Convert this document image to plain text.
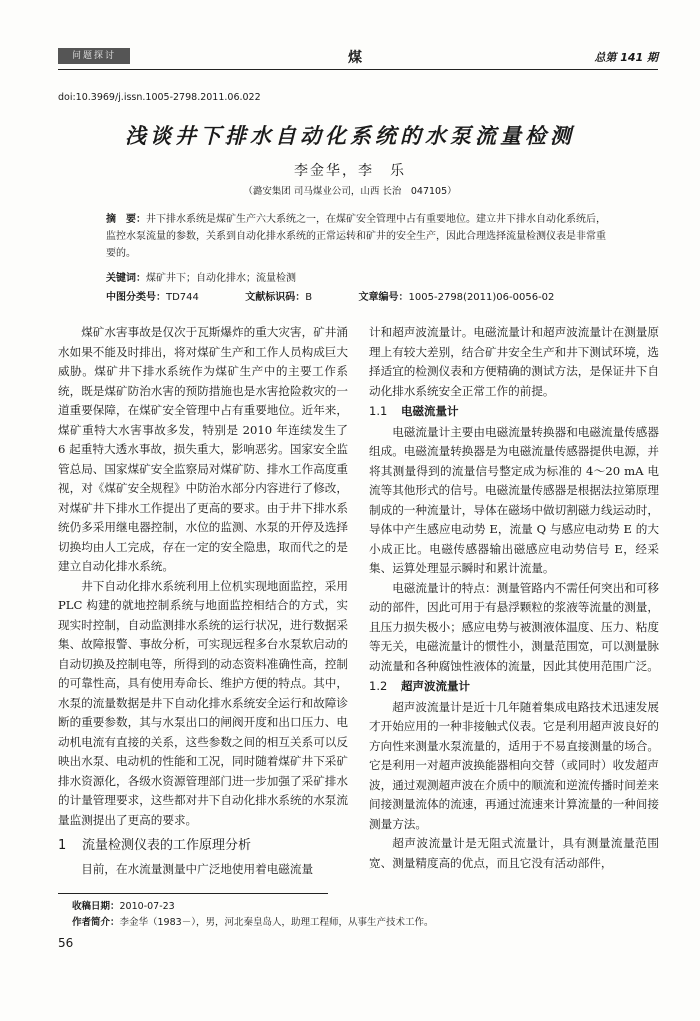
问题探讨	煤	总第 141 期
doi:10.3969/j.issn.1005-2798.2011.06.022
浅谈井下排水自动化系统的水泵流量检测
李金华，李　乐
（潞安集团 司马煤业公司，山西 长治　047105）
摘　要：井下排水系统是煤矿生产六大系统之一，在煤矿安全管理中占有重要地位。建立井下排水自动化系统后，监控水泵流量的参数，关系到自动化排水系统的正常运转和矿井的安全生产，因此合理选择流量检测仪表是非常重要的。
关键词：煤矿井下；自动化排水；流量检测
中图分类号：TD744	文献标识码：B	文章编号：1005-2798(2011)06-0056-02

煤矿水害事故是仅次于瓦斯爆炸的重大灾害，矿井涌水如果不能及时排出，将对煤矿生产和工作人员构成巨大威胁。煤矿井下排水系统作为煤矿生产中的主要工作系统，既是煤矿防治水害的预防措施也是水害抢险救灾的一道重要保障，在煤矿安全管理中占有重要地位。近年来，煤矿重特大水害事故多发，特别是 2010 年连续发生了 6 起重特大透水事故，损失重大，影响恶劣。国家安全监管总局、国家煤矿安全监察局对煤矿防、排水工作高度重视，对《煤矿安全规程》中防治水部分内容进行了修改，对煤矿井下排水工作提出了更高的要求。由于井下排水系统仍多采用继电器控制，水位的监测、水泵的开停及选择切换均由人工完成，存在一定的安全隐患，取而代之的是建立自动化排水系统。

井下自动化排水系统利用上位机实现地面监控，采用 PLC 构建的就地控制系统与地面监控相结合的方式，实现实时控制，自动监测排水系统的运行状况，进行数据采集、故障报警、事故分析，可实现远程多台水泵软启动的自动切换及控制电等，所得到的动态资料准确性高，控制的可靠性高，具有使用寿命长、维护方便的特点。其中，水泵的流量数据是井下自动化排水系统安全运行和故障诊断的重要参数，其与水泵出口的闸阀开度和出口压力、电动机电流有直接的关系，这些参数之间的相互关系可以反映出水泵、电动机的性能和工况，同时随着煤矿井下采矿排水资源化，各级水资源管理部门进一步加强了采矿排水的计量管理要求，这些都对井下自动化排水系统的水泵流量监测提出了更高的要求。

1 流量检测仪表的工作原理分析

目前，在水流量测量中广泛地使用着电磁流量

计和超声波流量计。电磁流量计和超声波流量计在测量原理上有较大差别，结合矿井安全生产和井下测试环境，选择适宜的检测仪表和方便精确的测试方法，是保证井下自动化排水系统安全正常工作的前提。

1.1 电磁流量计

电磁流量计主要由电磁流量转换器和电磁流量传感器组成。电磁流量转换器是为电磁流量传感器提供电源，并将其测量得到的流量信号整定成为标准的 4～20 mA 电流等其他形式的信号。电磁流量传感器是根据法拉第原理制成的一种流量计，导体在磁场中做切割磁力线运动时，导体中产生感应电动势 E，流量 Q 与感应电动势 E 的大小成正比。电磁传感器输出磁感应电动势信号 E，经采集、运算处理显示瞬时和累计流量。

电磁流量计的特点：测量管路内不需任何突出和可移动的部件，因此可用于有悬浮颗粒的浆液等流量的测量，且压力损失极小；感应电势与被测液体温度、压力、粘度等无关，电磁流量计的惯性小，测量范围宽，可以测量脉动流量和各种腐蚀性液体的流量，因此其使用范围广泛。

1.2 超声波流量计

超声波流量计是近十几年随着集成电路技术迅速发展才开始应用的一种非接触式仪表。它是利用超声波良好的方向性来测量水泵流量的，适用于不易直接测量的场合。它是利用一对超声波换能器相向交替（或同时）收发超声波，通过观测超声波在介质中的顺流和逆流传播时间差来间接测量流体的流速，再通过流速来计算流量的一种间接测量方法。

超声波流量计是无阻式流量计，具有测量流量范围宽、测量精度高的优点，而且它没有活动部件，

收稿日期：2010-07-23
作者简介：李金华（1983－），男，河北秦皇岛人，助理工程师，从事生产技术工作。
56
